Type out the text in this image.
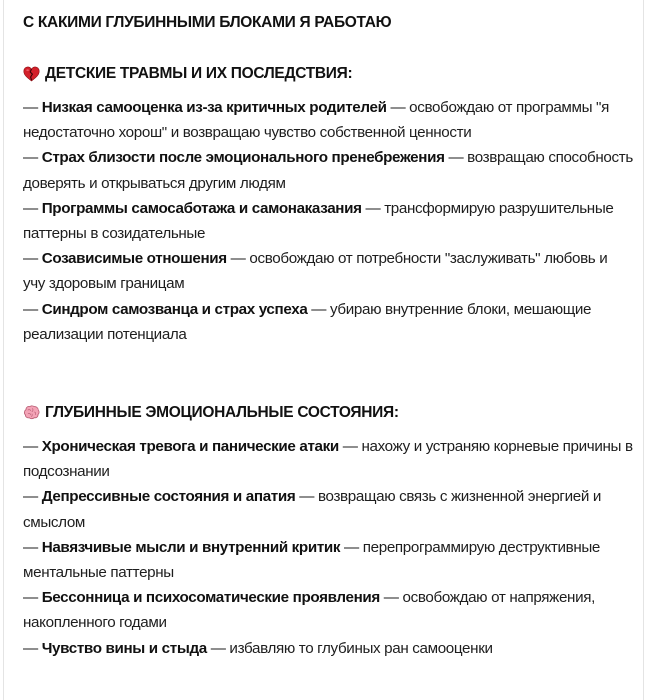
С КАКИМИ ГЛУБИННЫМИ БЛОКАМИ Я РАБОТАЮ
ДЕТСКИЕ ТРАВМЫ И ИХ ПОСЛЕДСТВИЯ:
— Низкая самооценка из-за критичных родителей — освобождаю от программы "я недостаточно хорош" и возвращаю чувство собственной ценности
— Страх близости после эмоционального пренебрежения — возвращаю способность доверять и открываться другим людям
— Программы самосаботажа и самонаказания — трансформирую разрушительные паттерны в созидательные
— Созависимые отношения — освобождаю от потребности "заслуживать" любовь и учу здоровым границам
— Синдром самозванца и страх успеха — убираю внутренние блоки, мешающие реализации потенциала
ГЛУБИННЫЕ ЭМОЦИОНАЛЬНЫЕ СОСТОЯНИЯ:
— Хроническая тревога и панические атаки — нахожу и устраняю корневые причины в подсознании
— Депрессивные состояния и апатия — возвращаю связь с жизненной энергией и смыслом
— Навязчивые мысли и внутренний критик — перепрограммирую деструктивные ментальные паттерны
— Бессонница и психосоматические проявления — освобождаю от напряжения, накопленного годами
— Чувство вины и стыда — избавляю то глубиных ран самооценки
